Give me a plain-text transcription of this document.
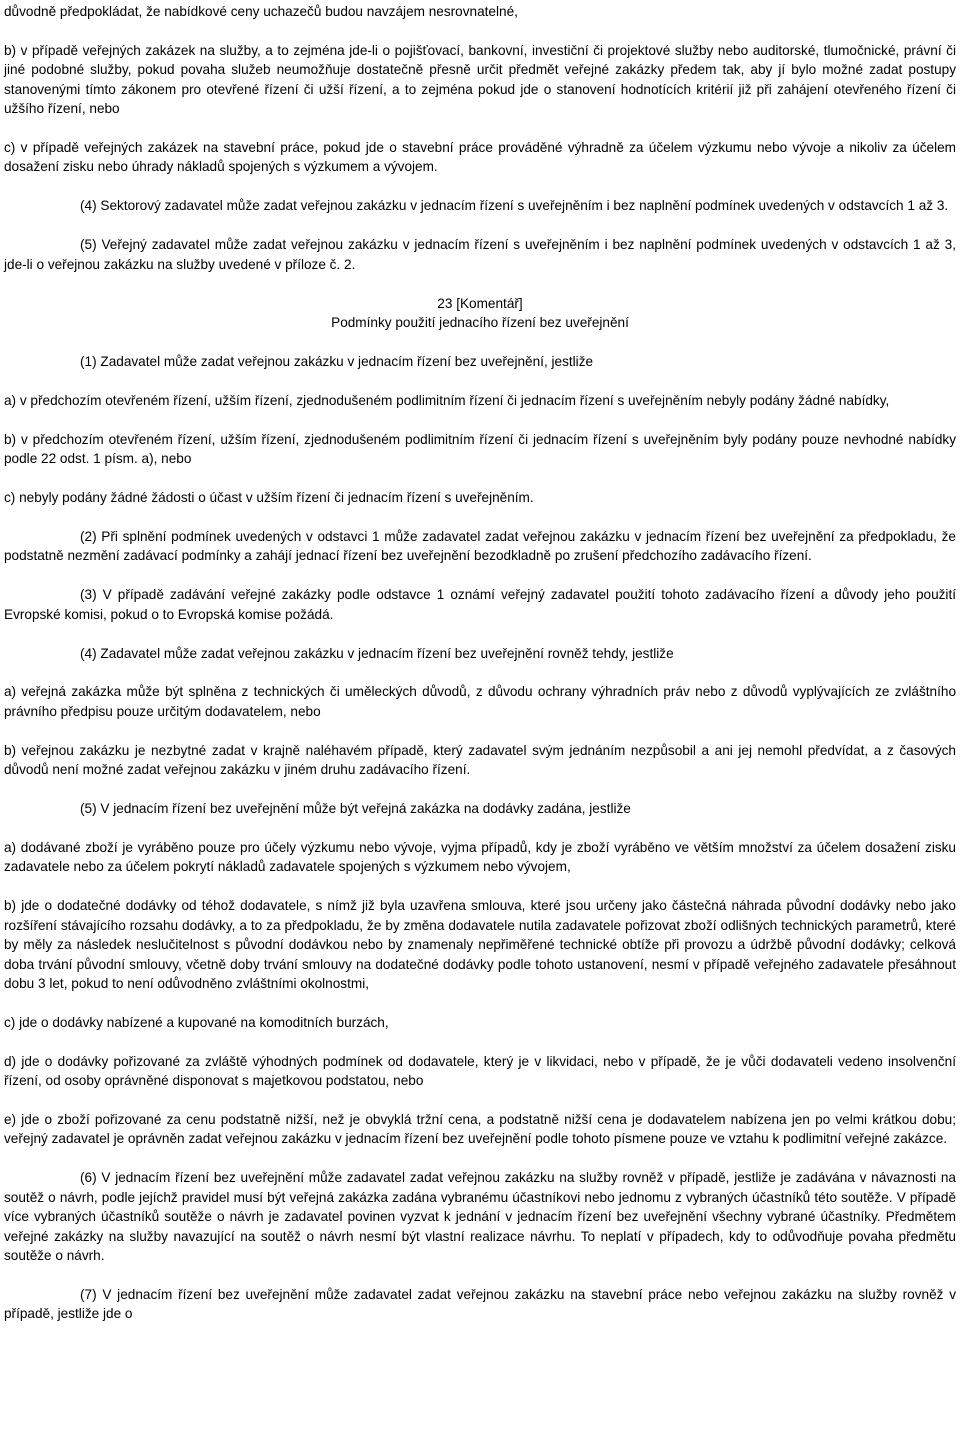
důvodně předpokládat, že nabídkové ceny uchazečů budou navzájem nesrovnatelné,

b) v případě veřejných zakázek na služby, a to zejména jde-li o pojišťovací, bankovní, investiční či projektové služby nebo auditorské, tlumočnické, právní či jiné podobné služby, pokud povaha služeb neumožňuje dostatečně přesně určit předmět veřejné zakázky předem tak, aby jí bylo možné zadat postupy stanovenými tímto zákonem pro otevřené řízení či užší řízení, a to zejména pokud jde o stanovení hodnotících kritérií již při zahájení otevřeného řízení či užšího řízení, nebo

c) v případě veřejných zakázek na stavební práce, pokud jde o stavební práce prováděné výhradně za účelem výzkumu nebo vývoje a nikoliv za účelem dosažení zisku nebo úhrady nákladů spojených s výzkumem a vývojem.

(4) Sektorový zadavatel může zadat veřejnou zakázku v jednacím řízení s uveřejněním i bez naplnění podmínek uvedených v odstavcích 1 až 3.

(5) Veřejný zadavatel může zadat veřejnou zakázku v jednacím řízení s uveřejněním i bez naplnění podmínek uvedených v odstavcích 1 až 3, jde-li o veřejnou zakázku na služby uvedené v příloze č. 2.

23 [Komentář]
Podmínky použití jednacího řízení bez uveřejnění

(1) Zadavatel může zadat veřejnou zakázku v jednacím řízení bez uveřejnění, jestliže

a) v předchozím otevřeném řízení, užším řízení, zjednodušeném podlimitním řízení či jednacím řízení s uveřejněním nebyly podány žádné nabídky,

b) v předchozím otevřeném řízení, užším řízení, zjednodušeném podlimitním řízení či jednacím řízení s uveřejněním byly podány pouze nevhodné nabídky podle 22 odst. 1 písm. a), nebo

c) nebyly podány žádné žádosti o účast v užším řízení či jednacím řízení s uveřejněním.

(2) Při splnění podmínek uvedených v odstavci 1 může zadavatel zadat veřejnou zakázku v jednacím řízení bez uveřejnění za předpokladu, že podstatně nezmění zadávací podmínky a zahájí jednací řízení bez uveřejnění bezodkladně po zrušení předchozího zadávacího řízení.

(3) V případě zadávání veřejné zakázky podle odstavce 1 oznámí veřejný zadavatel použití tohoto zadávacího řízení a důvody jeho použití Evropské komisi, pokud o to Evropská komise požádá.

(4) Zadavatel může zadat veřejnou zakázku v jednacím řízení bez uveřejnění rovněž tehdy, jestliže

a) veřejná zakázka může být splněna z technických či uměleckých důvodů, z důvodu ochrany výhradních práv nebo z důvodů vyplývajících ze zvláštního právního předpisu pouze určitým dodavatelem, nebo

b) veřejnou zakázku je nezbytné zadat v krajně naléhavém případě, který zadavatel svým jednáním nezpůsobil a ani jej nemohl předvídat, a z časových důvodů není možné zadat veřejnou zakázku v jiném druhu zadávacího řízení.

(5) V jednacím řízení bez uveřejnění může být veřejná zakázka na dodávky zadána, jestliže

a) dodávané zboží je vyráběno pouze pro účely výzkumu nebo vývoje, vyjma případů, kdy je zboží vyráběno ve větším množství za účelem dosažení zisku zadavatele nebo za účelem pokrytí nákladů zadavatele spojených s výzkumem nebo vývojem,

b) jde o dodatečné dodávky od téhož dodavatele, s nímž již byla uzavřena smlouva, které jsou určeny jako částečná náhrada původní dodávky nebo jako rozšíření stávajícího rozsahu dodávky, a to za předpokladu, že by změna dodavatele nutila zadavatele pořizovat zboží odlišných technických parametrů, které by měly za následek neslučitelnost s původní dodávkou nebo by znamenaly nepřiměřené technické obtíže při provozu a údržbě původní dodávky; celková doba trvání původní smlouvy, včetně doby trvání smlouvy na dodatečné dodávky podle tohoto ustanovení, nesmí v případě veřejného zadavatele přesáhnout dobu 3 let, pokud to není odůvodněno zvláštními okolnostmi,

c) jde o dodávky nabízené a kupované na komoditních burzách,

d) jde o dodávky pořizované za zvláště výhodných podmínek od dodavatele, který je v likvidaci, nebo v případě, že je vůči dodavateli vedeno insolvenční řízení, od osoby oprávněné disponovat s majetkovou podstatou, nebo

e) jde o zboží pořizované za cenu podstatně nižší, než je obvyklá tržní cena, a podstatně nižší cena je dodavatelem nabízena jen po velmi krátkou dobu; veřejný zadavatel je oprávněn zadat veřejnou zakázku v jednacím řízení bez uveřejnění podle tohoto písmene pouze ve vztahu k podlimitní veřejné zakázce.

(6) V jednacím řízení bez uveřejnění může zadavatel zadat veřejnou zakázku na služby rovněž v případě, jestliže je zadávána v návaznosti na soutěž o návrh, podle jejíchž pravidel musí být veřejná zakázka zadána vybranému účastníkovi nebo jednomu z vybraných účastníků této soutěže. V případě více vybraných účastníků soutěže o návrh je zadavatel povinen vyzvat k jednání v jednacím řízení bez uveřejnění všechny vybrané účastníky. Předmětem veřejné zakázky na služby navazující na soutěž o návrh nesmí být vlastní realizace návrhu. To neplatí v případech, kdy to odůvodňuje povaha předmětu soutěže o návrh.

(7) V jednacím řízení bez uveřejnění může zadavatel zadat veřejnou zakázku na stavební práce nebo veřejnou zakázku na služby rovněž v případě, jestliže jde o
